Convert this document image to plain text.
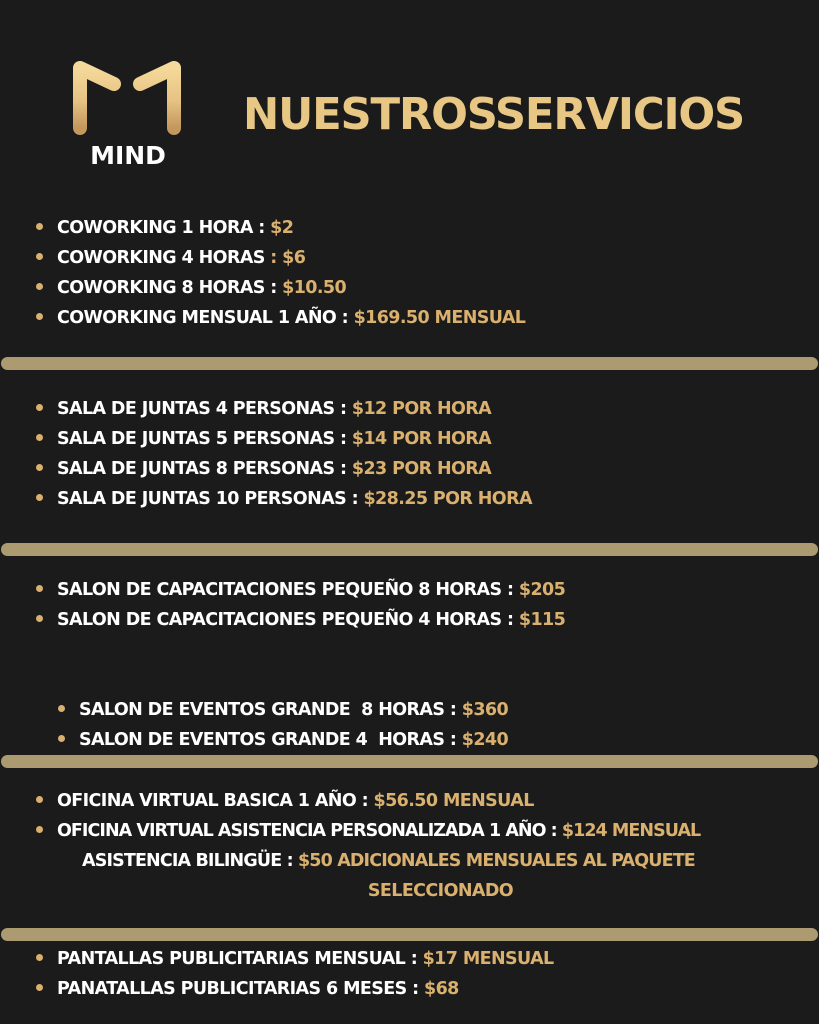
MIND
NUESTROSSERVICIOS
COWORKING 1 HORA : $2
COWORKING 4 HORAS : $6
COWORKING 8 HORAS : $10.50
COWORKING MENSUAL 1 AÑO : $169.50 MENSUAL
SALA DE JUNTAS 4 PERSONAS : $12 POR HORA
SALA DE JUNTAS 5 PERSONAS : $14 POR HORA
SALA DE JUNTAS 8 PERSONAS : $23 POR HORA
SALA DE JUNTAS 10 PERSONAS : $28.25 POR HORA
SALON DE CAPACITACIONES PEQUEÑO 8 HORAS : $205
SALON DE CAPACITACIONES PEQUEÑO 4 HORAS : $115

SALON DE EVENTOS GRANDE  8 HORAS : $360

SALON DE EVENTOS GRANDE 4  HORAS : $240

OFICINA VIRTUAL BASICA 1 AÑO : $56.50 MENSUAL
OFICINA VIRTUAL ASISTENCIA PERSONALIZADA 1 AÑO : $124 MENSUAL
ASISTENCIA BILINGÜE : $50 ADICIONALES MENSUALES AL PAQUETE
SELECCIONADO
PANTALLAS PUBLICITARIAS MENSUAL : $17 MENSUAL
PANATALLAS PUBLICITARIAS 6 MESES : $68
